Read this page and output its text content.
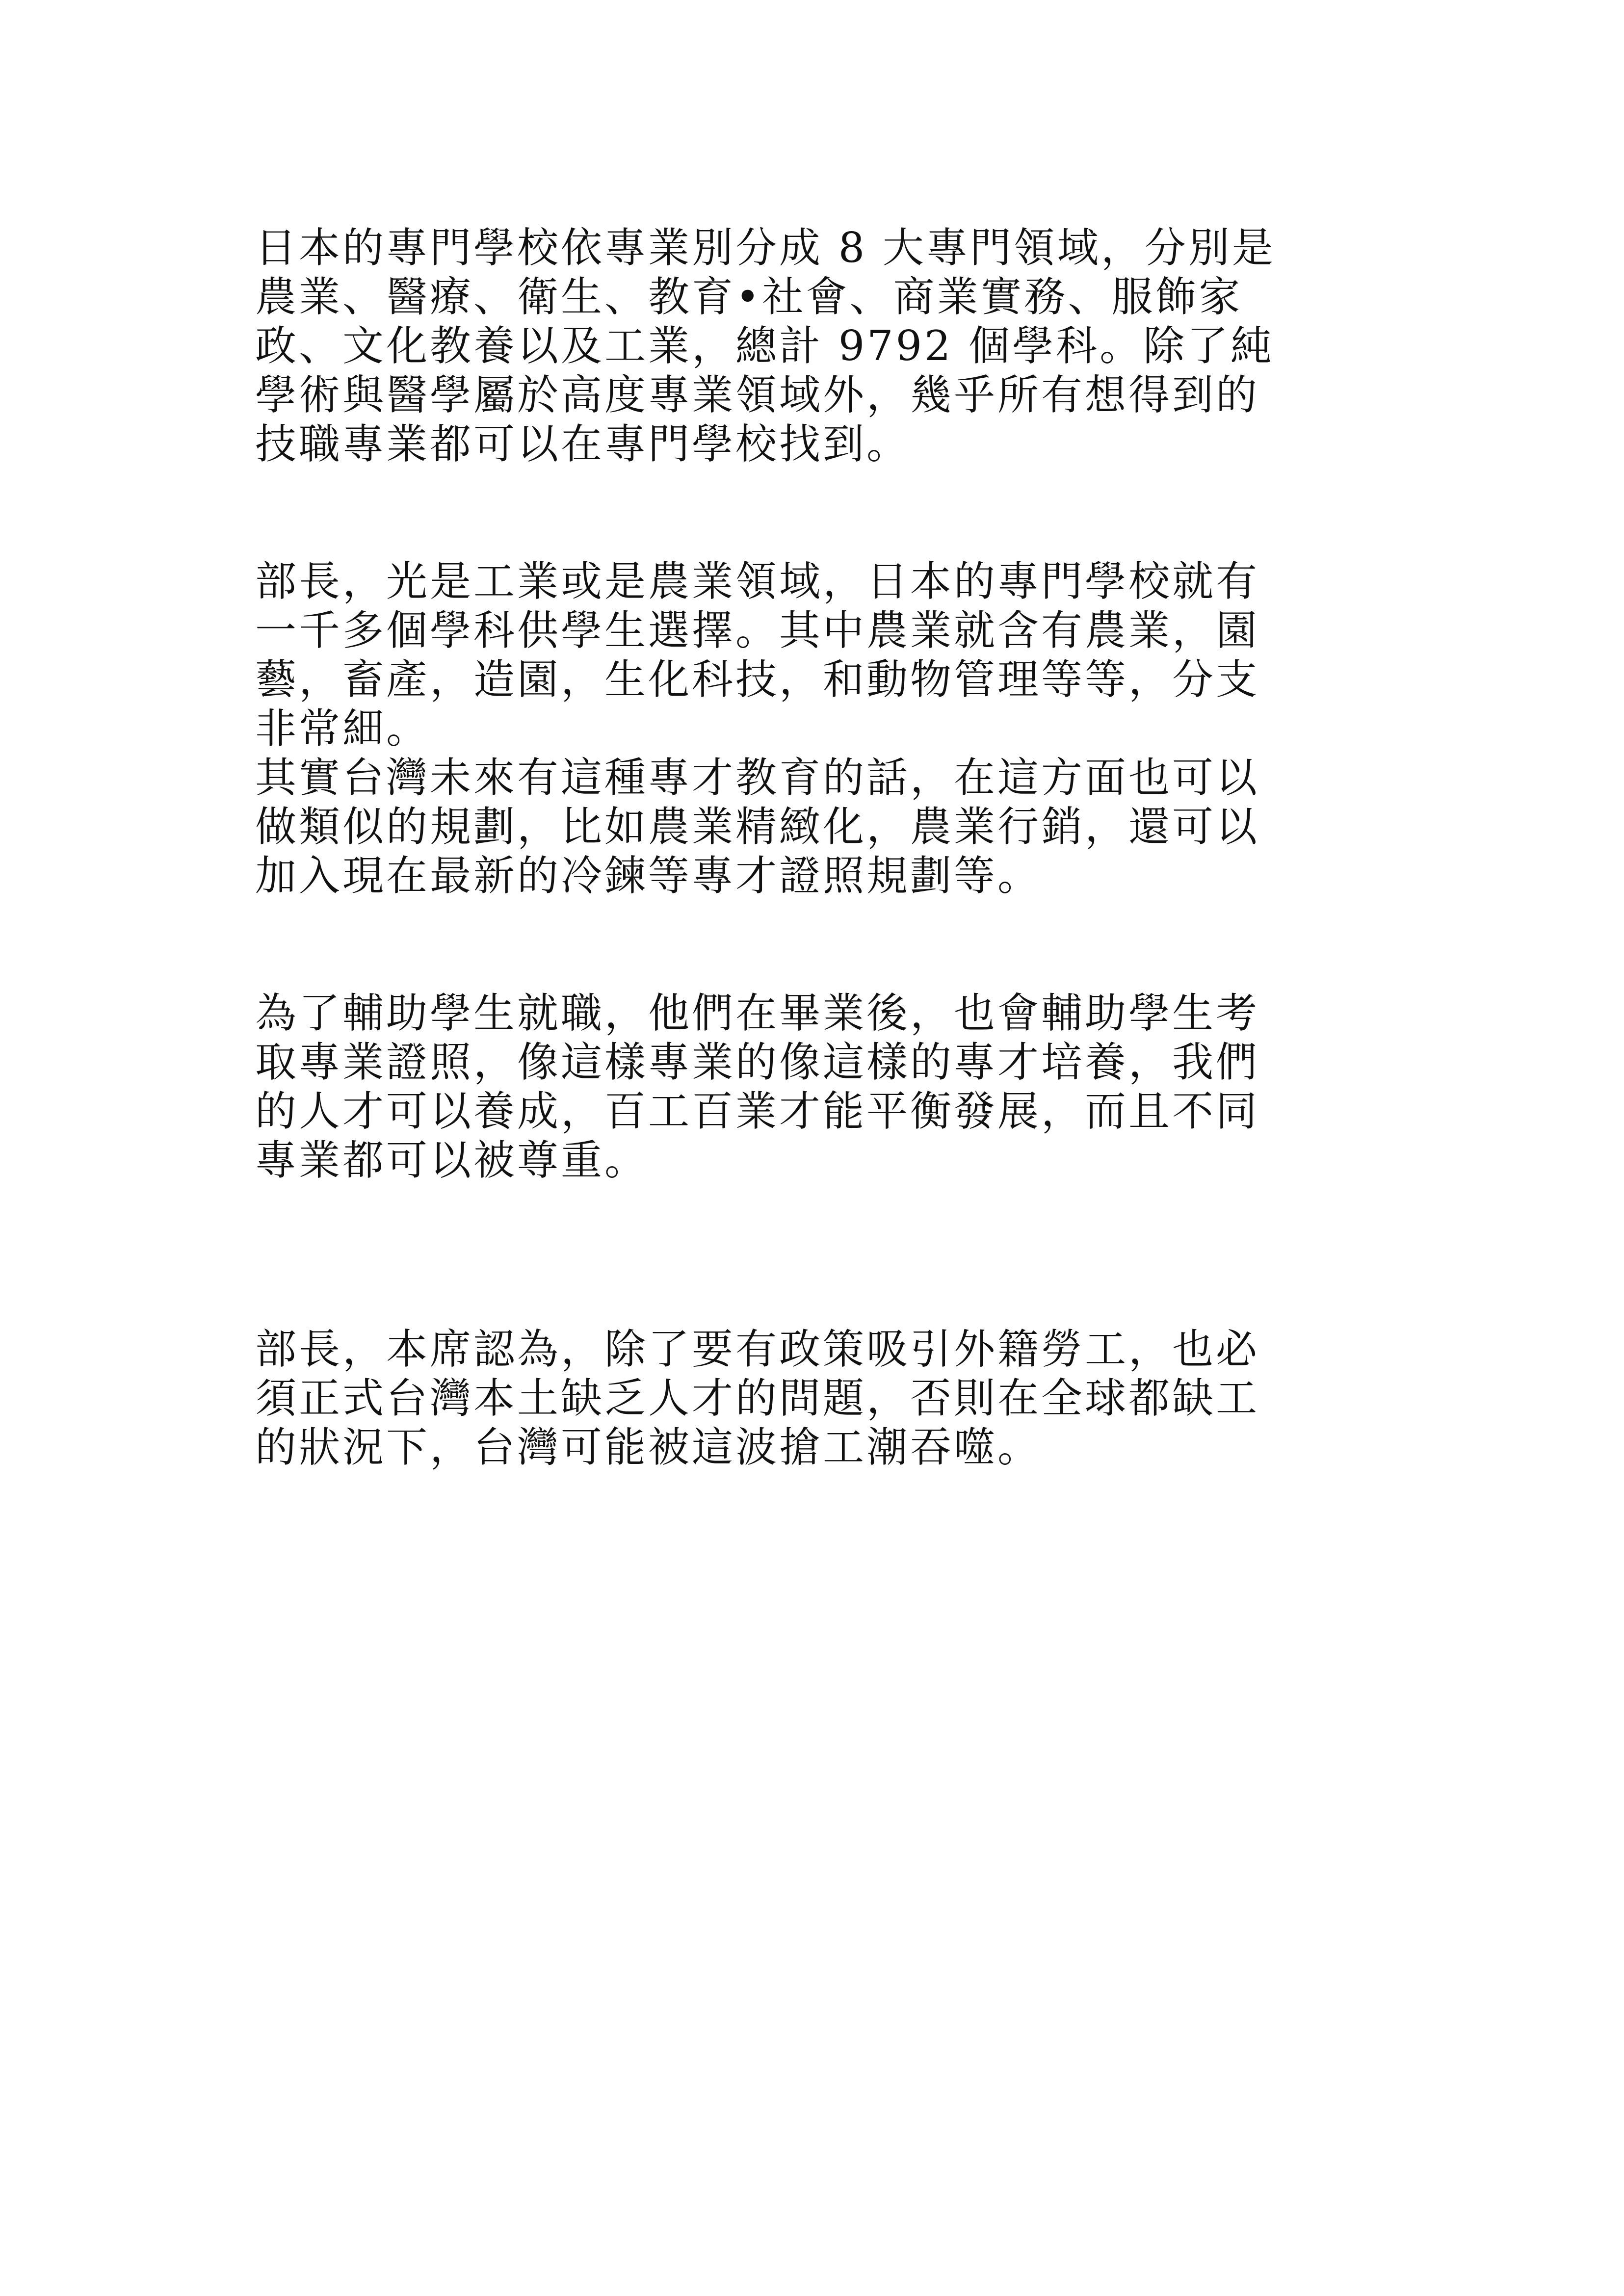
日本的專門學校依專業別分成 8 大專門領域，分別是

農業、醫療、衛生、教育•社會、商業實務、服飾家

政、文化教養以及工業，總計 9792 個學科。除了純

學術與醫學屬於高度專業領域外，幾乎所有想得到的

技職專業都可以在專門學校找到。

部長，光是工業或是農業領域，日本的專門學校就有

一千多個學科供學生選擇。其中農業就含有農業，園

藝，畜產，造園，生化科技，和動物管理等等，分支

非常細。

其實台灣未來有這種專才教育的話，在這方面也可以

做類似的規劃，比如農業精緻化，農業行銷，還可以

加入現在最新的冷鍊等專才證照規劃等。

為了輔助學生就職，他們在畢業後，也會輔助學生考

取專業證照，像這樣專業的像這樣的專才培養，我們

的人才可以養成，百工百業才能平衡發展，而且不同

專業都可以被尊重。

部長，本席認為，除了要有政策吸引外籍勞工，也必

須正式台灣本土缺乏人才的問題，否則在全球都缺工

的狀況下，台灣可能被這波搶工潮吞噬。
